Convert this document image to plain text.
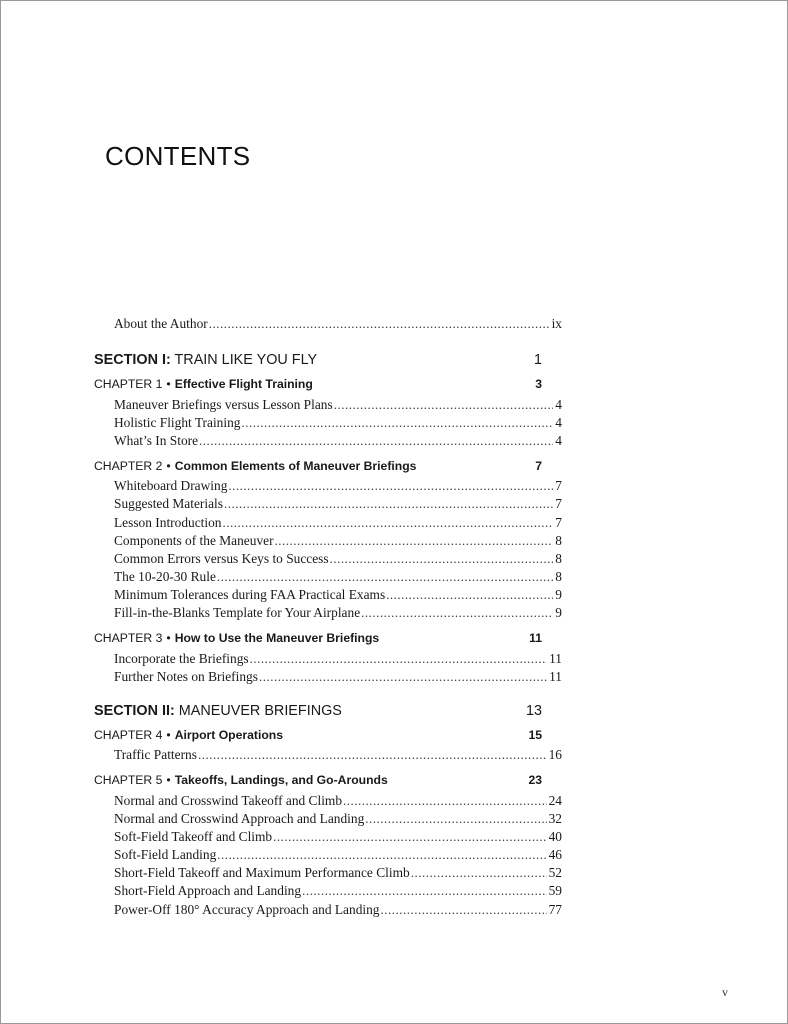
CONTENTS
About the Author .....	ix
SECTION I: TRAIN LIKE YOU FLY	1
CHAPTER 1 • Effective Flight Training	3
Maneuver Briefings versus Lesson Plans .....	4
Holistic Flight Training .....	4
What’s In Store .....	4
CHAPTER 2 • Common Elements of Maneuver Briefings	7
Whiteboard Drawing .....	7
Suggested Materials .....	7
Lesson Introduction .....	7
Components of the Maneuver .....	8
Common Errors versus Keys to Success .....	8
The 10-20-30 Rule .....	8
Minimum Tolerances during FAA Practical Exams .....	9
Fill-in-the-Blanks Template for Your Airplane .....	9
CHAPTER 3 • How to Use the Maneuver Briefings	11
Incorporate the Briefings .....	11
Further Notes on Briefings .....	11
SECTION II: MANEUVER BRIEFINGS	13
CHAPTER 4 • Airport Operations	15
Traffic Patterns .....	16
CHAPTER 5 • Takeoffs, Landings, and Go-Arounds	23
Normal and Crosswind Takeoff and Climb .....	24
Normal and Crosswind Approach and Landing .....	32
Soft-Field Takeoff and Climb .....	40
Soft-Field Landing .....	46
Short-Field Takeoff and Maximum Performance Climb .....	52
Short-Field Approach and Landing .....	59
Power-Off 180° Accuracy Approach and Landing .....	77
v
